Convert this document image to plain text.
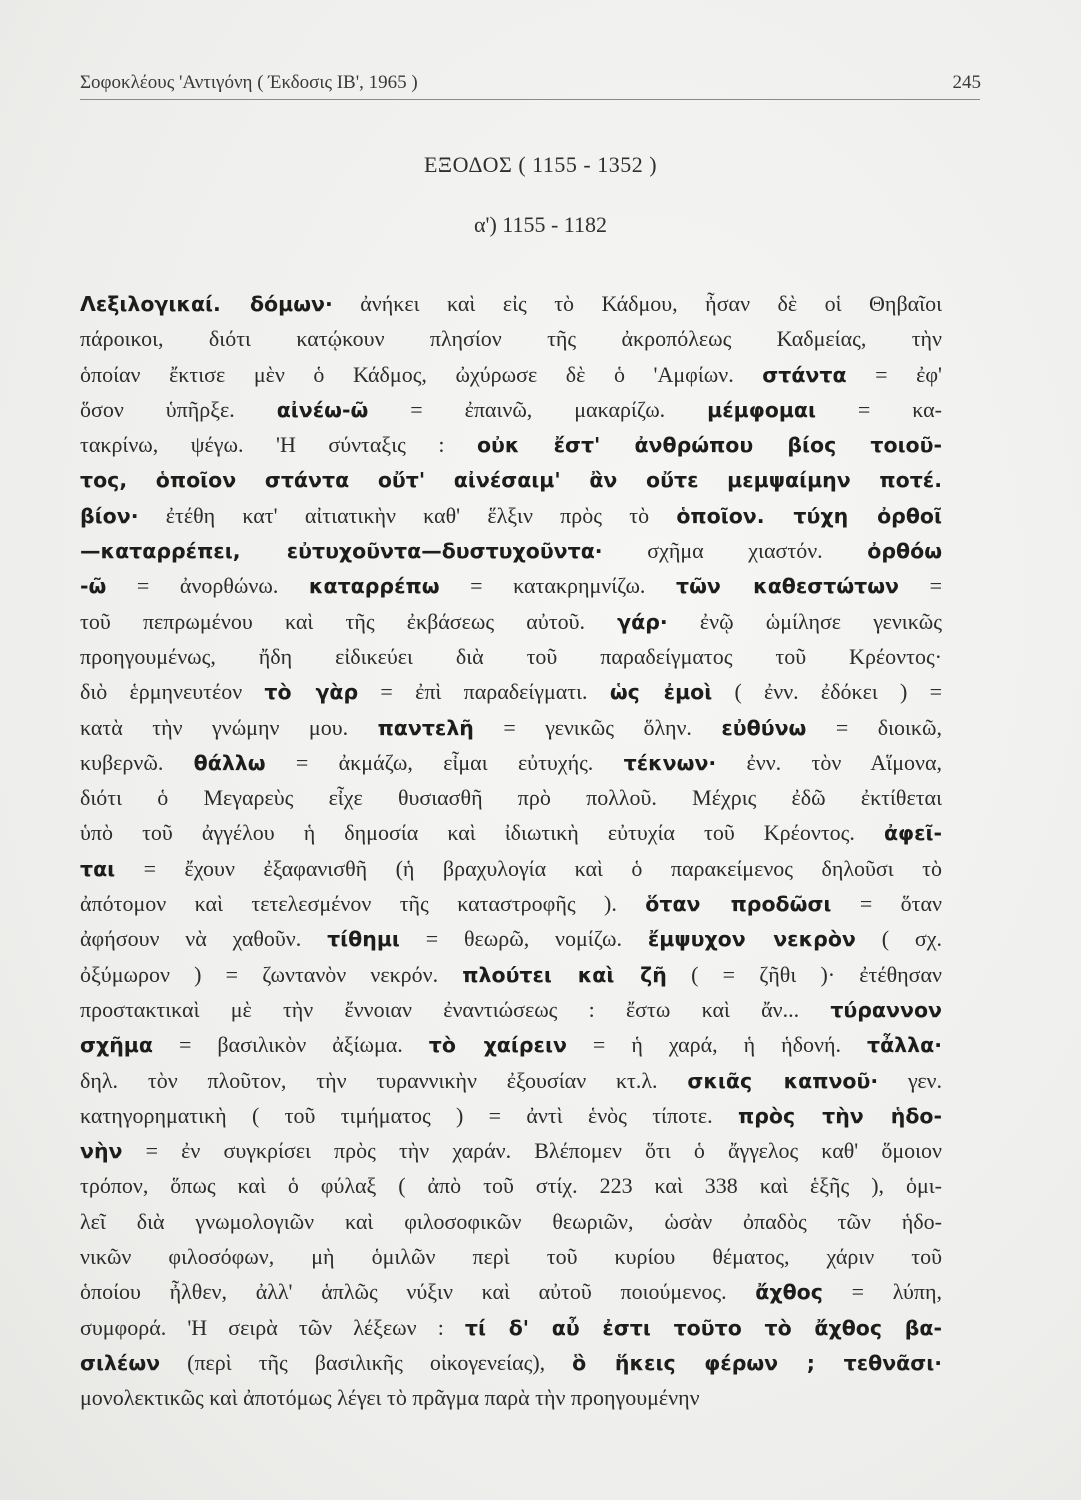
Σοφοκλέους 'Αντιγόνη ( Έκδοσις ΙΒ', 1965 )	245
ΕΞΟΔΟΣ ( 1155 - 1352 )
α') 1155 - 1182
Λεξιλογικαί. δόμων· ἀνήκει καὶ εἰς τὸ Κάδμου, ἦσαν δὲ οἱ Θηβαῖοι
πάροικοι, διότι κατῴκουν πλησίον τῆς ἀκροπόλεως Καδμείας, τὴν
ὁποίαν ἔκτισε μὲν ὁ Κάδμος, ὠχύρωσε δὲ ὁ 'Αμφίων. στάντα = ἐφ'
ὅσον ὑπῆρξε. αἰνέω-ῶ = ἐπαινῶ, μακαρίζω. μέμφομαι = κα-
τακρίνω, ψέγω. 'Η σύνταξις : οὐκ ἔστ' ἀνθρώπου βίος τοιοῦ-
τος, ὁποῖον στάντα οὔτ' αἰνέσαιμ' ἂν οὔτε μεμψαίμην ποτέ.
βίον· ἐτέθη κατ' αἰτιατικὴν καθ' ἕλξιν πρὸς τὸ ὁποῖον. τύχη ὀρθοῖ
—καταρρέπει, εὐτυχοῦντα—δυστυχοῦντα· σχῆμα χιαστόν. ὀρθόω
-ῶ = ἀνορθώνω. καταρρέπω = κατακρημνίζω. τῶν καθεστώτων =
τοῦ πεπρωμένου καὶ τῆς ἐκβάσεως αὐτοῦ. γάρ· ἐνῷ ὡμίλησε γενικῶς
προηγουμένως, ἤδη εἰδικεύει διὰ τοῦ παραδείγματος τοῦ Κρέοντος·
διὸ ἑρμηνευτέον τὸ γὰρ = ἐπὶ παραδείγματι. ὡς ἐμοὶ ( ἐνν. ἐδόκει ) =
κατὰ τὴν γνώμην μου. παντελῆ = γενικῶς ὅλην. εὐθύνω = διοικῶ,
κυβερνῶ. θάλλω = ἀκμάζω, εἶμαι εὐτυχής. τέκνων· ἐνν. τὸν Αἵμονα,
διότι ὁ Μεγαρεὺς εἶχε θυσιασθῆ πρὸ πολλοῦ. Μέχρις ἐδῶ ἐκτίθεται
ὑπὸ τοῦ ἀγγέλου ἡ δημοσία καὶ ἰδιωτικὴ εὐτυχία τοῦ Κρέοντος. ἀφεῖ-
ται = ἔχουν ἐξαφανισθῆ (ἡ βραχυλογία καὶ ὁ παρακείμενος δηλοῦσι τὸ
ἀπότομον καὶ τετελεσμένον τῆς καταστροφῆς ). ὅταν προδῶσι = ὅταν
ἀφήσουν νὰ χαθοῦν. τίθημι = θεωρῶ, νομίζω. ἔμψυχον νεκρὸν ( σχ.
ὀξύμωρον ) = ζωντανὸν νεκρόν. πλούτει καὶ ζῆ ( = ζῆθι )· ἐτέθησαν
προστακτικαὶ μὲ τὴν ἔννοιαν ἐναντιώσεως : ἔστω καὶ ἄν... τύραννον
σχῆμα = βασιλικὸν ἀξίωμα. τὸ χαίρειν = ἡ χαρά, ἡ ἡδονή. τἆλλα·
δηλ. τὸν πλοῦτον, τὴν τυραννικὴν ἐξουσίαν κτ.λ. σκιᾶς καπνοῦ· γεν.
κατηγορηματικὴ ( τοῦ τιμήματος ) = ἀντὶ ἑνὸς τίποτε. πρὸς τὴν ἡδο-
νὴν = ἐν συγκρίσει πρὸς τὴν χαράν. Βλέπομεν ὅτι ὁ ἄγγελος καθ' ὅμοιον
τρόπον, ὅπως καὶ ὁ φύλαξ ( ἀπὸ τοῦ στίχ. 223 καὶ 338 καὶ ἑξῆς ), ὁμι-
λεῖ διὰ γνωμολογιῶν καὶ φιλοσοφικῶν θεωριῶν, ὡσὰν ὀπαδὸς τῶν ἡδο-
νικῶν φιλοσόφων, μὴ ὁμιλῶν περὶ τοῦ κυρίου θέματος, χάριν τοῦ
ὁποίου ἦλθεν, ἀλλ' ἁπλῶς νύξιν καὶ αὐτοῦ ποιούμενος. ἄχθος = λύπη,
συμφορά. 'Η σειρὰ τῶν λέξεων : τί δ' αὖ ἐστι τοῦτο τὸ ἄχθος βα-
σιλέων (περὶ τῆς βασιλικῆς οἰκογενείας), ὃ ἥκεις φέρων ; τεθνᾶσι·
μονολεκτικῶς καὶ ἀποτόμως λέγει τὸ πρᾶγμα παρὰ τὴν προηγουμένην
